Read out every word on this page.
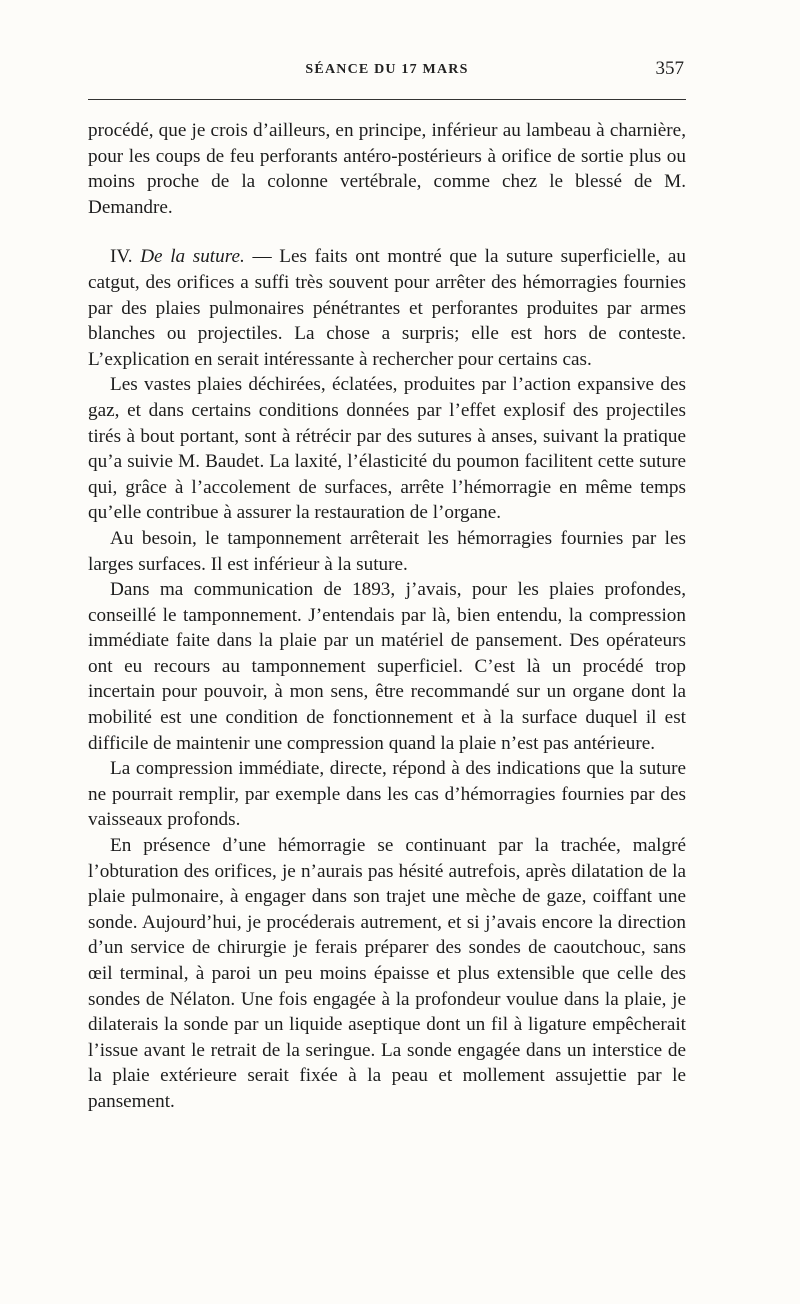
SÉANCE DU 17 MARS	357

procédé, que je crois d’ailleurs, en principe, inférieur au lambeau à charnière, pour les coups de feu perforants antéro-postérieurs à orifice de sortie plus ou moins proche de la colonne vertébrale, comme chez le blessé de M. Demandre.

IV. De la suture. — Les faits ont montré que la suture superficielle, au catgut, des orifices a suffi très souvent pour arrêter des hémorragies fournies par des plaies pulmonaires pénétrantes et perforantes produites par armes blanches ou projectiles. La chose a surpris; elle est hors de conteste. L’explication en serait intéressante à rechercher pour certains cas.

Les vastes plaies déchirées, éclatées, produites par l’action expansive des gaz, et dans certains conditions données par l’effet explosif des projectiles tirés à bout portant, sont à rétrécir par des sutures à anses, suivant la pratique qu’a suivie M. Baudet. La laxité, l’élasticité du poumon facilitent cette suture qui, grâce à l’accolement de surfaces, arrête l’hémorragie en même temps qu’elle contribue à assurer la restauration de l’organe.

Au besoin, le tamponnement arrêterait les hémorragies fournies par les larges surfaces. Il est inférieur à la suture.

Dans ma communication de 1893, j’avais, pour les plaies profondes, conseillé le tamponnement. J’entendais par là, bien entendu, la compression immédiate faite dans la plaie par un matériel de pansement. Des opérateurs ont eu recours au tamponnement superficiel. C’est là un procédé trop incertain pour pouvoir, à mon sens, être recommandé sur un organe dont la mobilité est une condition de fonctionnement et à la surface duquel il est difficile de maintenir une compression quand la plaie n’est pas antérieure.

La compression immédiate, directe, répond à des indications que la suture ne pourrait remplir, par exemple dans les cas d’hémorragies fournies par des vaisseaux profonds.

En présence d’une hémorragie se continuant par la trachée, malgré l’obturation des orifices, je n’aurais pas hésité autrefois, après dilatation de la plaie pulmonaire, à engager dans son trajet une mèche de gaze, coiffant une sonde. Aujourd’hui, je procéderais autrement, et si j’avais encore la direction d’un service de chirurgie je ferais préparer des sondes de caoutchouc, sans œil terminal, à paroi un peu moins épaisse et plus extensible que celle des sondes de Nélaton. Une fois engagée à la profondeur voulue dans la plaie, je dilaterais la sonde par un liquide aseptique dont un fil à ligature empêcherait l’issue avant le retrait de la seringue. La sonde engagée dans un interstice de la plaie extérieure serait fixée à la peau et mollement assujettie par le pansement.
